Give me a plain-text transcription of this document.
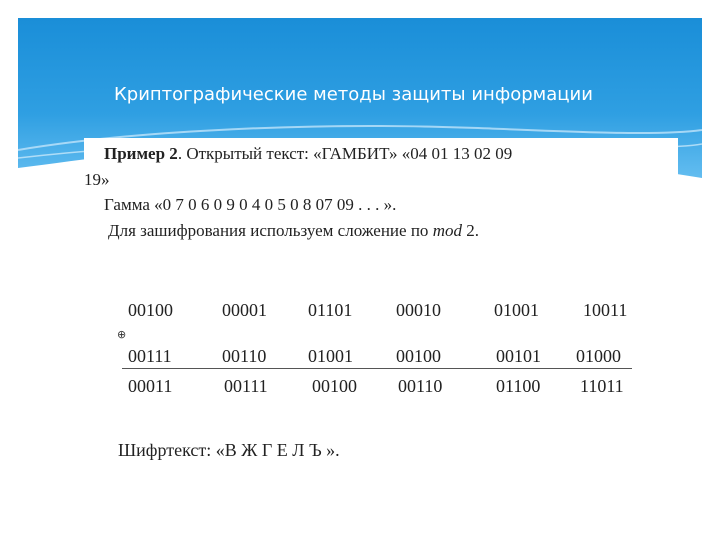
Криптографические методы защиты информации
Пример 2. Открытый текст: «ГАМБИТ» «04 01 13 02 09
19»
Гамма «0 7 0 6 0 9 0 4 0 5 0 8 07 09 . . . ».
Для зашифрования используем сложение по mod 2.
00100	00001 01101 00010	01001 10011
00111	00110 01001 00100	00101 01000
00011	00111 00100 00110	01100 11011
⊕
Шифртекст: «В Ж Г Е Л Ъ ».
